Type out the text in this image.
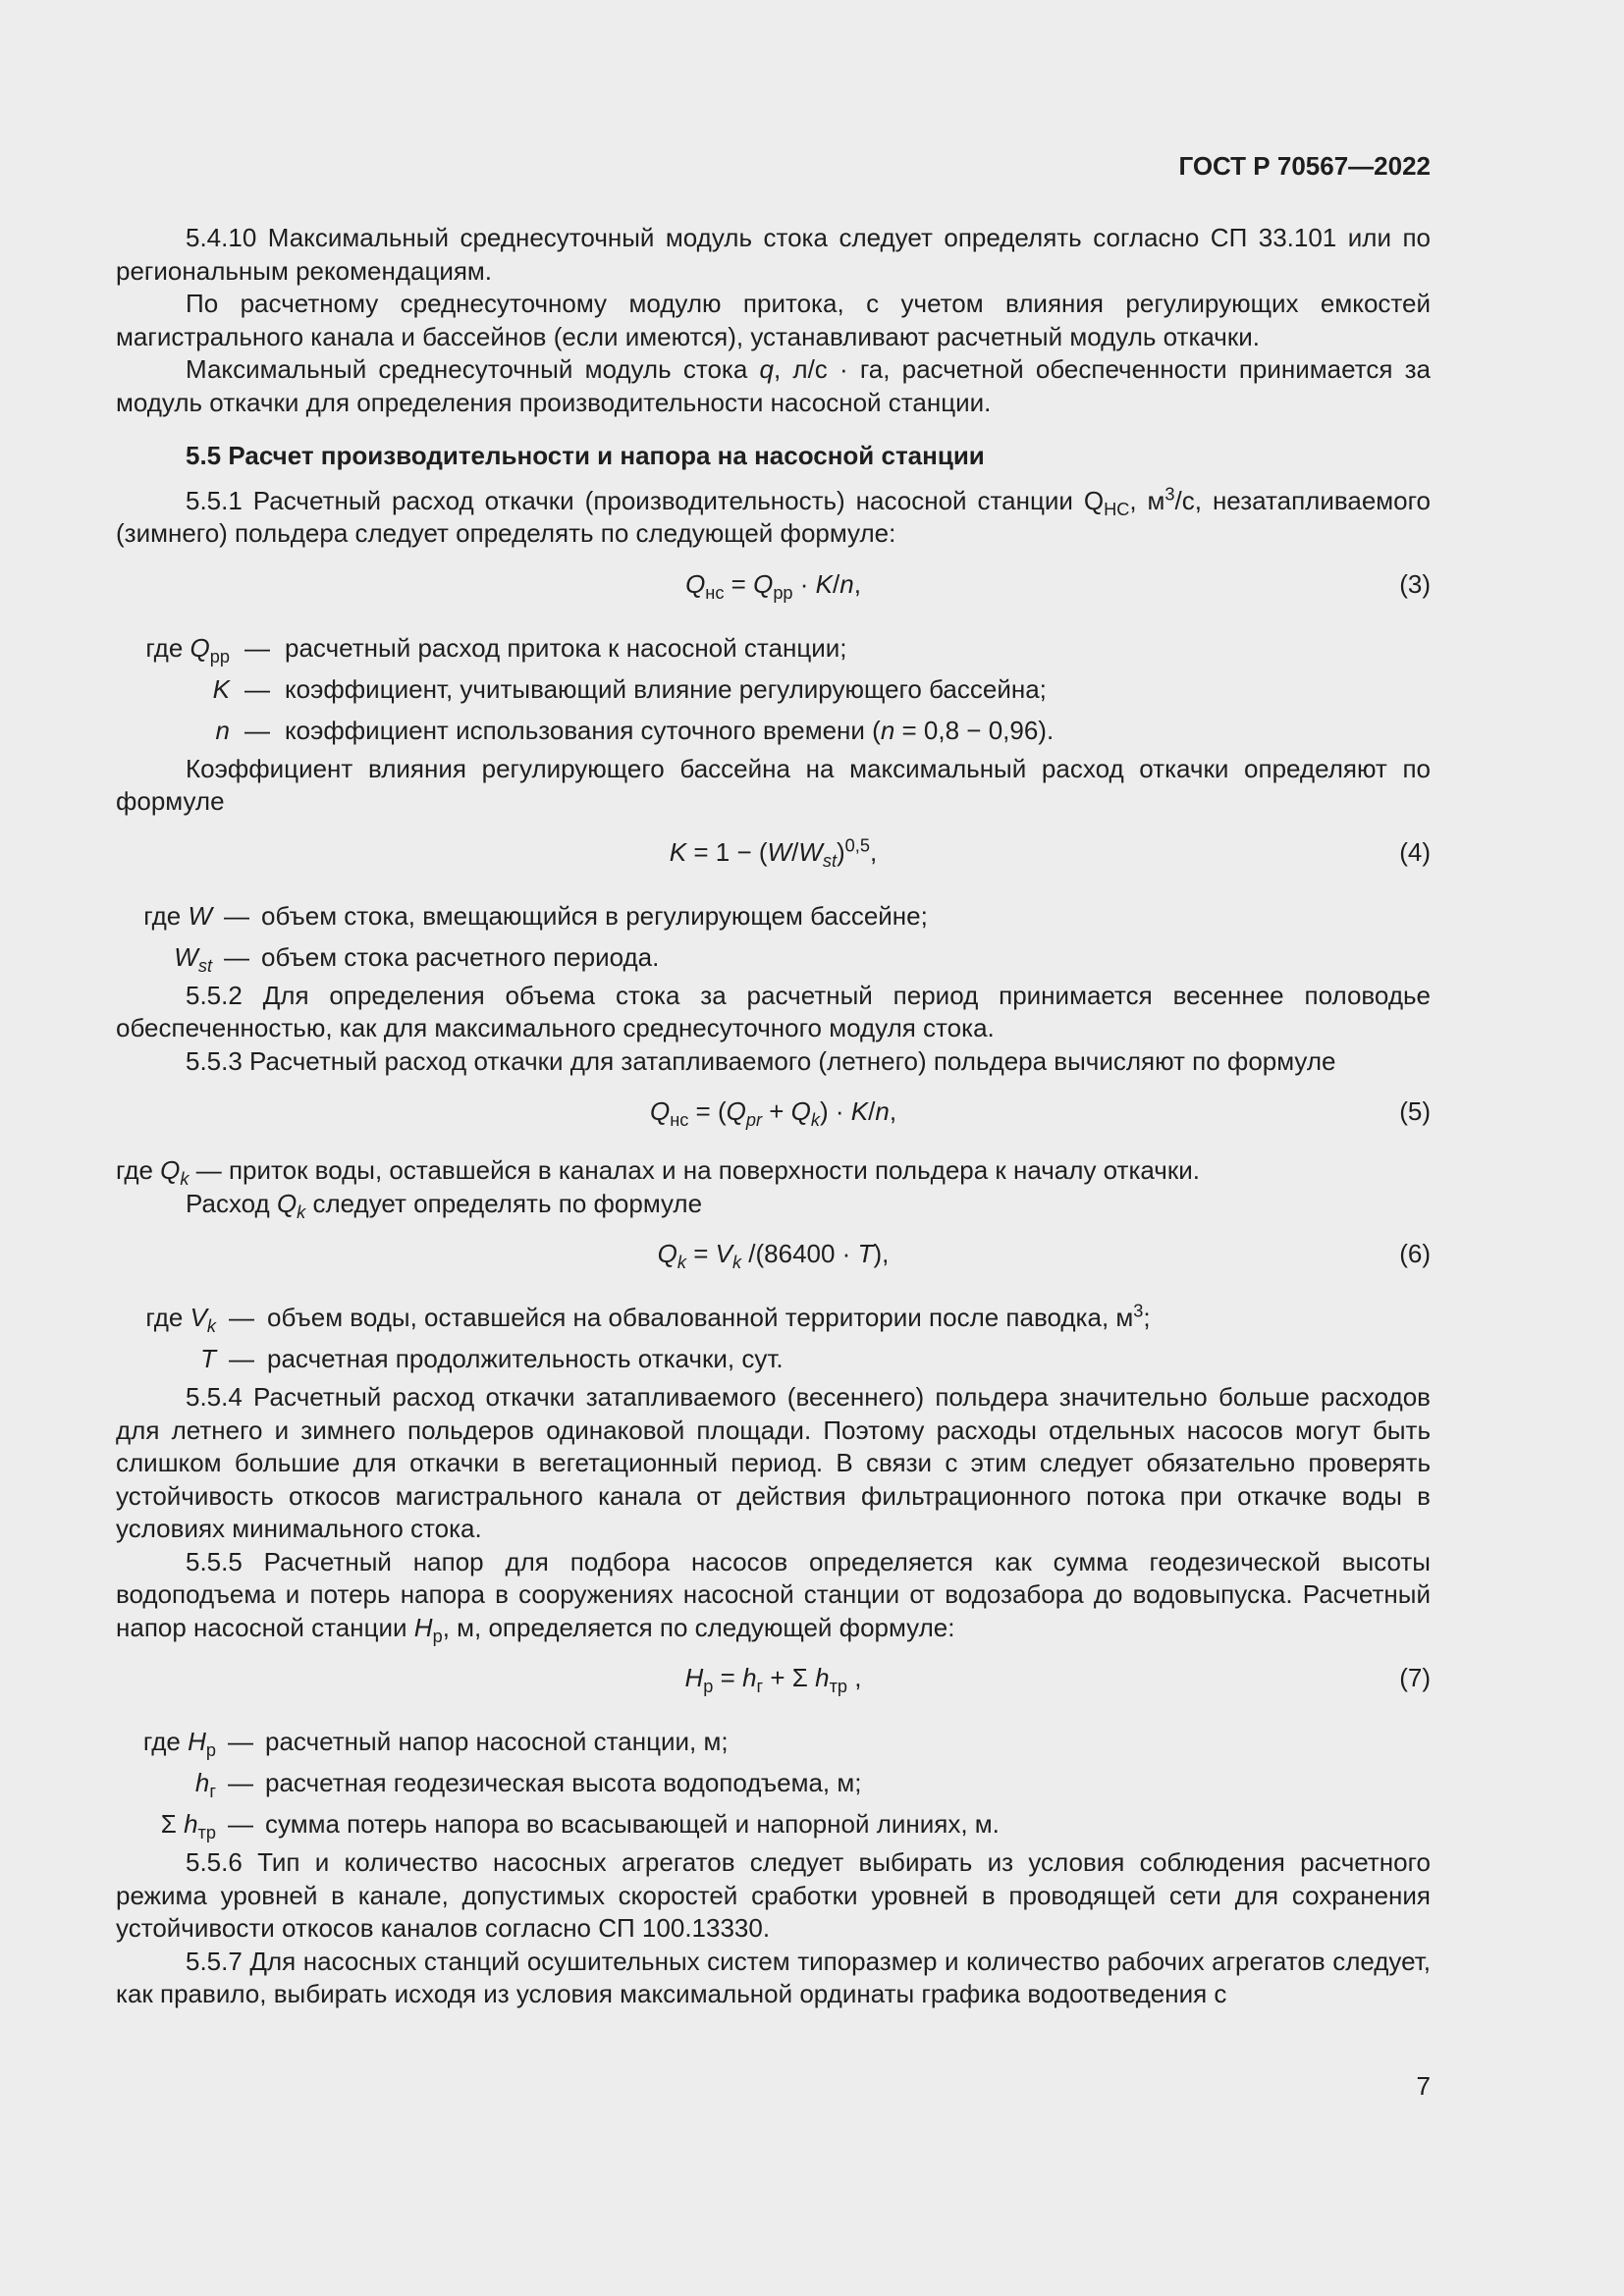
ГОСТ Р 70567—2022

5.4.10 Максимальный среднесуточный модуль стока следует определять согласно СП 33.101 или по региональным рекомендациям.

По расчетному среднесуточному модулю притока, с учетом влияния регулирующих емкостей магистрального канала и бассейнов (если имеются), устанавливают расчетный модуль откачки.

Максимальный среднесуточный модуль стока q, л/с · га, расчетной обеспеченности принимается за модуль откачки для определения производительности насосной станции.

5.5 Расчет производительности и напора на насосной станции

5.5.1 Расчетный расход откачки (производительность) насосной станции $Q_{НС}$, $м^3/с$, незатапливаемого (зимнего) польдера следует определять по следующей формуле:

$Q_{нс} = Q_{рр} \cdot K/n$,	(3)
где $Q_{рр}$	—	расчетный расход притока к насосной станции;
K	—	коэффициент, учитывающий влияние регулирующего бассейна;
n	—	коэффициент использования суточного времени (n = 0,8 − 0,96).

Коэффициент влияния регулирующего бассейна на максимальный расход откачки определяют по формуле

$K = 1 - (W/W_{st})^{0,5}$,	(4)
где W	—	объем стока, вмещающийся в регулирующем бассейне;
$W_{st}$	—	объем стока расчетного периода.

5.5.2 Для определения объема стока за расчетный период принимается весеннее половодье обеспеченностью, как для максимального среднесуточного модуля стока.

5.5.3 Расчетный расход откачки для затапливаемого (летнего) польдера вычисляют по формуле

$Q_{нс} = (Q_{pr} + Q_k) \cdot K/n$,	(5)

где $Q_k$ — приток воды, оставшейся в каналах и на поверхности польдера к началу откачки.

Расход $Q_k$ следует определять по формуле

$Q_k = V_k$ /(86400 · T),	(6)
где $V_k$	—	объем воды, оставшейся на обвалованной территории после паводка, $м^3$;
T	—	расчетная продолжительность откачки, сут.

5.5.4 Расчетный расход откачки затапливаемого (весеннего) польдера значительно больше расходов для летнего и зимнего польдеров одинаковой площади. Поэтому расходы отдельных насосов могут быть слишком большие для откачки в вегетационный период. В связи с этим следует обязательно проверять устойчивость откосов магистрального канала от действия фильтрационного потока при откачке воды в условиях минимального стока.

5.5.5 Расчетный напор для подбора насосов определяется как сумма геодезической высоты водоподъема и потерь напора в сооружениях насосной станции от водозабора до водовыпуска. Расчетный напор насосной станции $H_р$, м, определяется по следующей формуле:

$H_р = h_г + \Sigma$ $h_{тр}$ ,	(7)
где $H_р$	—	расчетный напор насосной станции, м;
$h_г$	—	расчетная геодезическая высота водоподъема, м;
Σ $h_{тр}$	—	сумма потерь напора во всасывающей и напорной линиях, м.

5.5.6 Тип и количество насосных агрегатов следует выбирать из условия соблюдения расчетного режима уровней в канале, допустимых скоростей сработки уровней в проводящей сети для сохранения устойчивости откосов каналов согласно СП 100.13330.

5.5.7 Для насосных станций осушительных систем типоразмер и количество рабочих агрегатов следует, как правило, выбирать исходя из условия максимальной ординаты графика водоотведения с

7
